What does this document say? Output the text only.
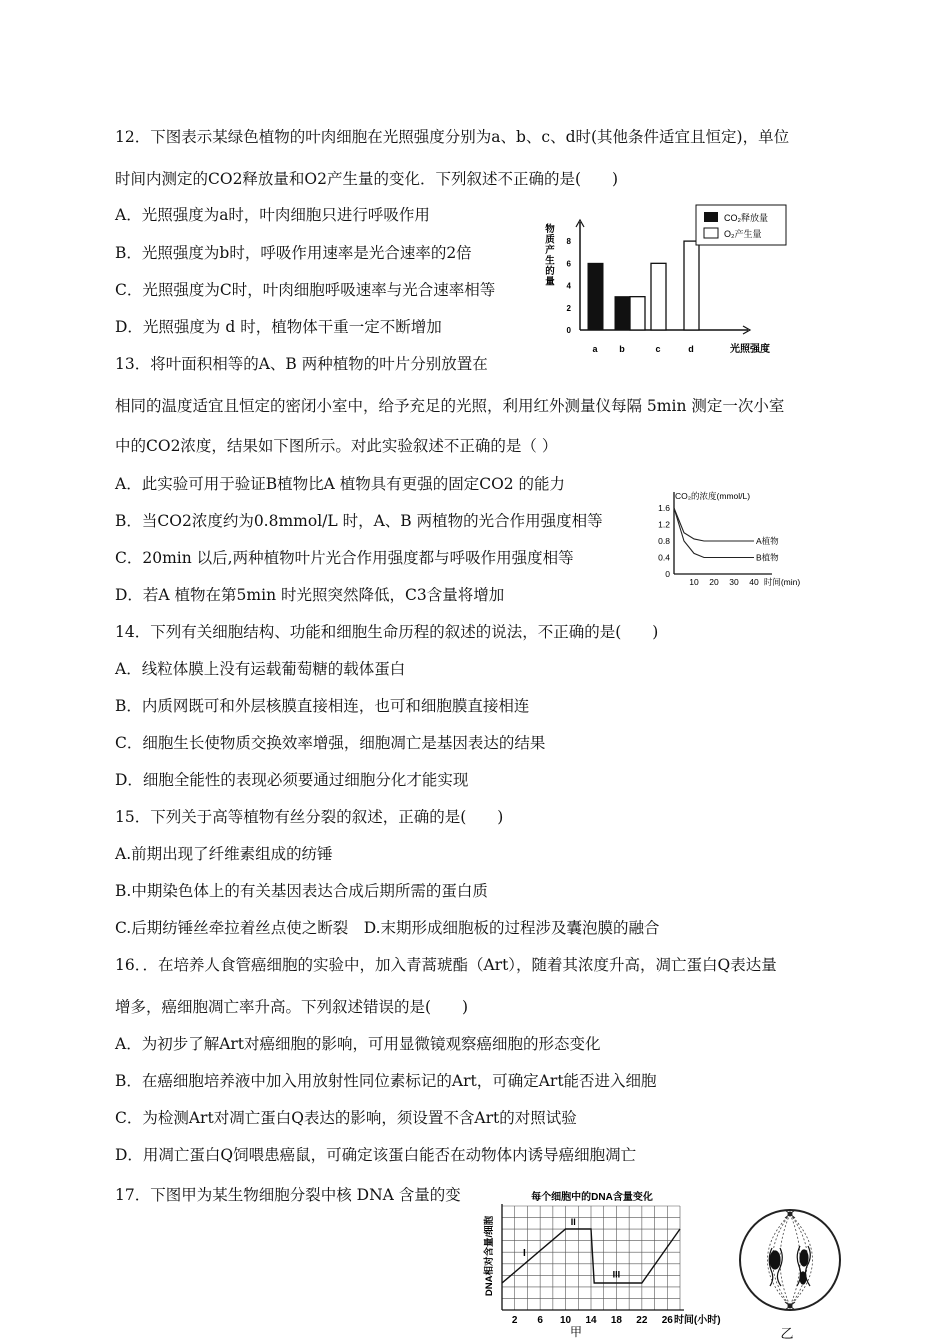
12．下图表示某绿色植物的叶肉细胞在光照强度分别为a、b、c、d时(其他条件适宜且恒定)，单位
时间内测定的CO2释放量和O2产生量的变化．下列叙述不正确的是(　　)
A．光照强度为a时，叶肉细胞只进行呼吸作用
B．光照强度为b时，呼吸作用速率是光合速率的2倍
C．光照强度为C时，叶肉细胞呼吸速率与光合速率相等
D．光照强度为 d 时，植物体干重一定不断增加	0
2
4
6
8
物
质
产
生
的
量
a b	c	d	光照强度
CO₂释放量
O₂产生量
13．将叶面积相等的A、B 两种植物的叶片分别放置在
相同的温度适宜且恒定的密闭小室中，给予充足的光照，利用红外测量仪每隔 5min 测定一次小室
中的CO2浓度，结果如下图所示。对此实验叙述不正确的是（ ）
A．此实验可用于验证B植物比A 植物具有更强的固定CO2 的能力
B．当CO2浓度约为0.8mmol/L 时，A、B 两植物的光合作用强度相等
C．20min 以后,两种植物叶片光合作用强度都与呼吸作用强度相等
D．若A 植物在第5min 时光照突然降低，C3含量将增加
CO₂的浓度(mmol/L)
1.6
1.2
0.8
0.4
0
10 20 30 40 时间(min)
A植物
B植物
14．下列有关细胞结构、功能和细胞生命历程的叙述的说法，不正确的是(　　)
A．线粒体膜上没有运载葡萄糖的载体蛋白
B．内质网既可和外层核膜直接相连，也可和细胞膜直接相连
C．细胞生长使物质交换效率增强，细胞凋亡是基因表达的结果
D．细胞全能性的表现必须要通过细胞分化才能实现
15．下列关于高等植物有丝分裂的叙述，正确的是(　　)
A.前期出现了纤维素组成的纺锤
B.中期染色体上的有关基因表达合成后期所需的蛋白质
C.后期纺锤丝牵拉着丝点使之断裂　D.末期形成细胞板的过程涉及囊泡膜的融合
16．．在培养人食管癌细胞的实验中，加入青蒿琥酯（Art），随着其浓度升高，凋亡蛋白Q表达量
增多，癌细胞凋亡率升高。下列叙述错误的是(　　)
A．为初步了解Art对癌细胞的影响，可用显微镜观察癌细胞的形态变化
B．在癌细胞培养液中加入用放射性同位素标记的Art，可确定Art能否进入细胞
C．为检测Art对凋亡蛋白Q表达的影响，须设置不含Art的对照试验
D．用凋亡蛋白Q饲喂患癌鼠，可确定该蛋白能否在动物体内诱导癌细胞凋亡
17．下图甲为某生物细胞分裂中核 DNA 含量的变	每个细胞中的DNA含量变化
DNA相对含量/细胞	I
II
III
2 6 10 14 18 22 26 时间(小时)
甲	乙
